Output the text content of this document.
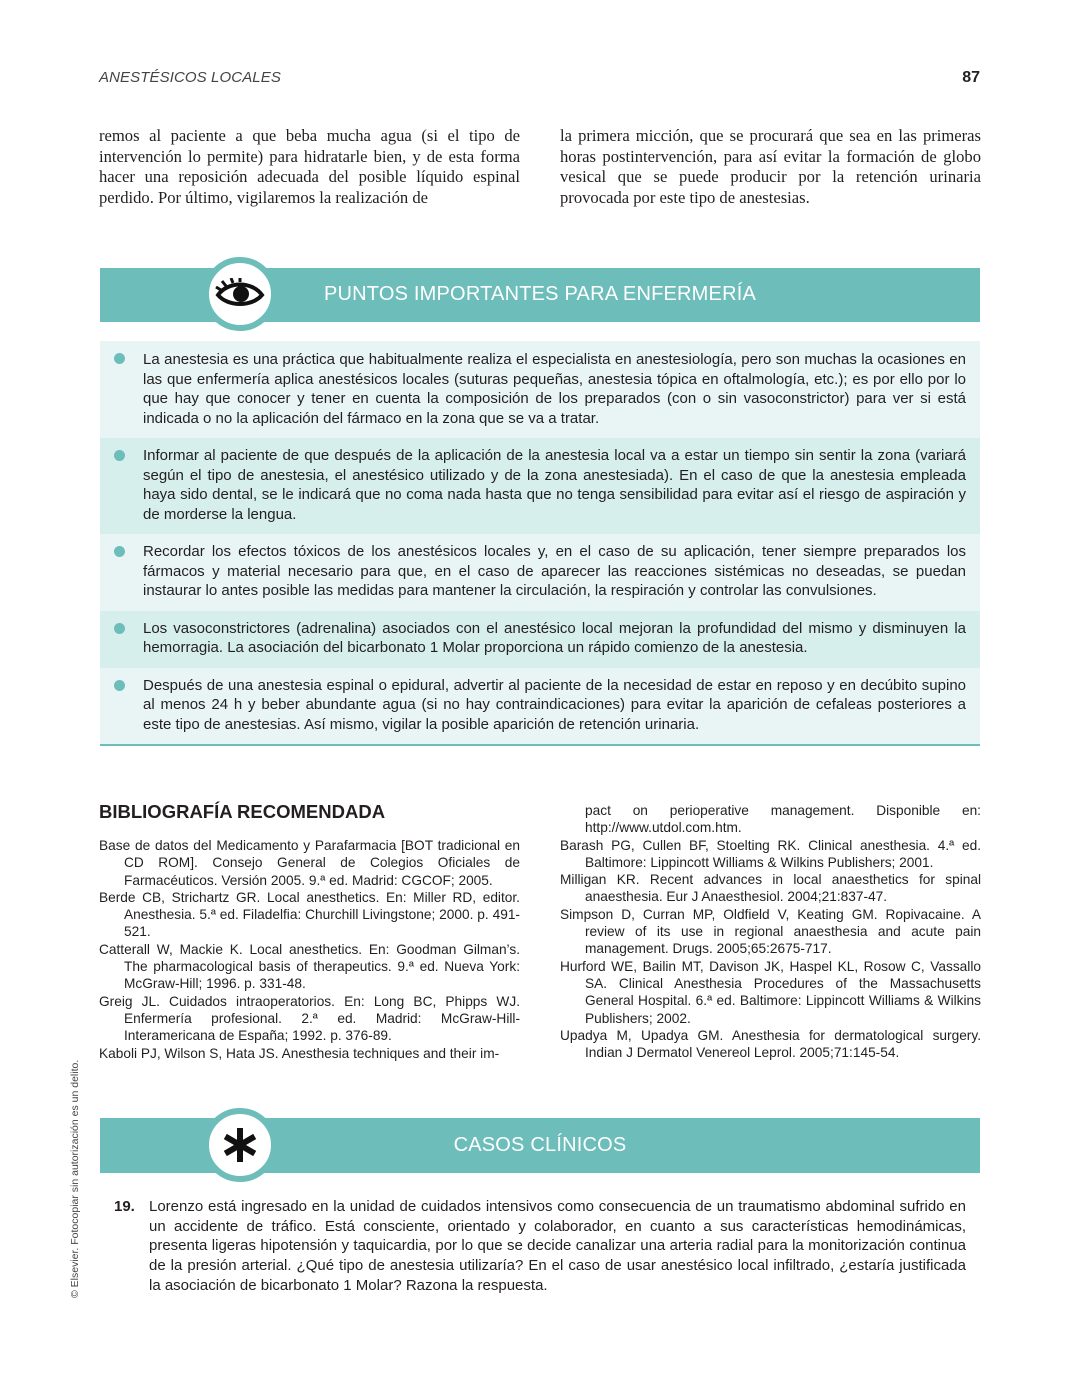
ANESTÉSICOS LOCALES	87

remos al paciente a que beba mucha agua (si el tipo de intervención lo permite) para hidratarle bien, y de esta forma hacer una reposición adecuada del posible líquido espinal perdido. Por último, vigilaremos la realización de

la primera micción, que se procurará que sea en las primeras horas postintervención, para así evitar la formación de globo vesical que se puede producir por la retención urinaria provocada por este tipo de anestesias.

PUNTOS IMPORTANTES PARA ENFERMERÍA
La anestesia es una práctica que habitualmente realiza el especialista en anestesiología, pero son muchas la ocasiones en las que enfermería aplica anestésicos locales (suturas pequeñas, anestesia tópica en oftalmología, etc.); es por ello por lo que hay que conocer y tener en cuenta la composición de los preparados (con o sin vasoconstrictor) para ver si está indicada o no la aplicación del fármaco en la zona que se va a tratar.
Informar al paciente de que después de la aplicación de la anestesia local va a estar un tiempo sin sentir la zona (variará según el tipo de anestesia, el anestésico utilizado y de la zona anestesiada). En el caso de que la anestesia empleada haya sido dental, se le indicará que no coma nada hasta que no tenga sensibilidad para evitar así el riesgo de aspiración y de morderse la lengua.
Recordar los efectos tóxicos de los anestésicos locales y, en el caso de su aplicación, tener siempre preparados los fármacos y material necesario para que, en el caso de aparecer las reacciones sistémicas no deseadas, se puedan instaurar lo antes posible las medidas para mantener la circulación, la respiración y controlar las convulsiones.
Los vasoconstrictores (adrenalina) asociados con el anestésico local mejoran la profundidad del mismo y disminuyen la hemorragia. La asociación del bicarbonato 1 Molar proporciona un rápido comienzo de la anestesia.
Después de una anestesia espinal o epidural, advertir al paciente de la necesidad de estar en reposo y en decúbito supino al menos 24 h y beber abundante agua (si no hay contraindicaciones) para evitar la aparición de cefaleas posteriores a este tipo de anestesias. Así mismo, vigilar la posible aparición de retención urinaria.
BIBLIOGRAFÍA RECOMENDADA

Base de datos del Medicamento y Parafarmacia [BOT tradicional en CD ROM]. Consejo General de Colegios Oficiales de Farmacéuticos. Versión 2005. 9.ª ed. Madrid: CGCOF; 2005.

Berde CB, Strichartz GR. Local anesthetics. En: Miller RD, editor. Anesthesia. 5.ª ed. Filadelfia: Churchill Livingstone; 2000. p. 491-521.

Catterall W, Mackie K. Local anesthetics. En: Goodman Gilman’s. The pharmacological basis of therapeutics. 9.ª ed. Nueva York: McGraw-Hill; 1996. p. 331-48.

Greig JL. Cuidados intraoperatorios. En: Long BC, Phipps WJ. Enfermería profesional. 2.ª ed. Madrid: McGraw-Hill-Interamericana de España; 1992. p. 376-89.

Kaboli PJ, Wilson S, Hata JS. Anesthesia techniques and their im-

pact on perioperative management. Disponible en: http://www.utdol.com.htm.

Barash PG, Cullen BF, Stoelting RK. Clinical anesthesia. 4.ª ed. Baltimore: Lippincott Williams & Wilkins Publishers; 2001.

Milligan KR. Recent advances in local anaesthetics for spinal anaesthesia. Eur J Anaesthesiol. 2004;21:837-47.

Simpson D, Curran MP, Oldfield V, Keating GM. Ropivacaine. A review of its use in regional anaesthesia and acute pain management. Drugs. 2005;65:2675-717.

Hurford WE, Bailin MT, Davison JK, Haspel KL, Rosow C, Vassallo SA. Clinical Anesthesia Procedures of the Massachusetts General Hospital. 6.ª ed. Baltimore: Lippincott Williams & Wilkins Publishers; 2002.

Upadya M, Upadya GM. Anesthesia for dermatological surgery. Indian J Dermatol Venereol Leprol. 2005;71:145-54.

CASOS CLÍNICOS
19. Lorenzo está ingresado en la unidad de cuidados intensivos como consecuencia de un traumatismo abdominal sufrido en un accidente de tráfico. Está consciente, orientado y colaborador, en cuanto a sus características hemodinámicas, presenta ligeras hipotensión y taquicardia, por lo que se decide canalizar una arteria radial para la monitorización continua de la presión arterial. ¿Qué tipo de anestesia utilizaría? En el caso de usar anestésico local infiltrado, ¿estaría justificada la asociación de bicarbonato 1 Molar? Razona la respuesta.

© Elsevier. Fotocopiar sin autorización es un delito.
